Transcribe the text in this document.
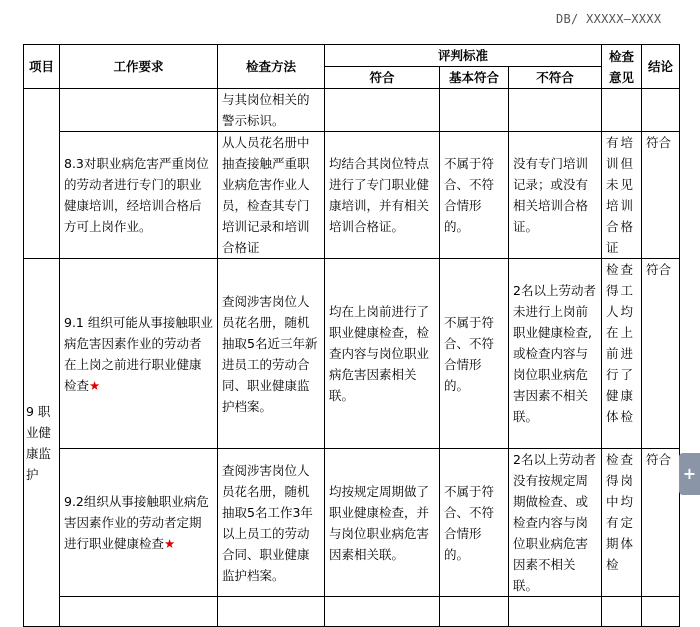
DB/ XXXXX—XXXX
项目	工作要求	检查方法	评判标准			检查意见	结论
			符合	基本符合	不符合		
		与其岗位相关的警示标识。					
	8.3对职业病危害严重岗位的劳动者进行专门的职业健康培训，经培训合格后方可上岗作业。	从人员花名册中抽查接触严重职业病危害作业人员，检查其专门培训记录和培训合格证	均结合其岗位特点进行了专门职业健康培训，并有相关培训合格证。	不属于符合、不符合情形的。	没有专门培训记录；或没有相关培训合格证。	有培训但未见培训合格证	符合
9 职业健康监护	9.1 组织可能从事接触职业病危害因素作业的劳动者在上岗之前进行职业健康检查★	查阅涉害岗位人员花名册，随机抽取5名近三年新进员工的劳动合同、职业健康监护档案。	均在上岗前进行了职业健康检查，检查内容与岗位职业病危害因素相关联。	不属于符合、不符合情形的。	2名以上劳动者未进行上岗前职业健康检查,或检查内容与岗位职业病危害因素不相关联。	检查得工人均在上前进行了健康体检	符合
	9.2组织从事接触职业病危害因素作业的劳动者定期进行职业健康检查★	查阅涉害岗位人员花名册，随机抽取5名工作3年以上员工的劳动合同、职业健康监护档案。	均按规定周期做了职业健康检查，并与岗位职业病危害因素相关联。	不属于符合、不符合情形的。	2名以上劳动者没有按规定周期做检查、或检查内容与岗位职业病危害因素不相关联。	检查得岗中均有定期体检	符合

+
